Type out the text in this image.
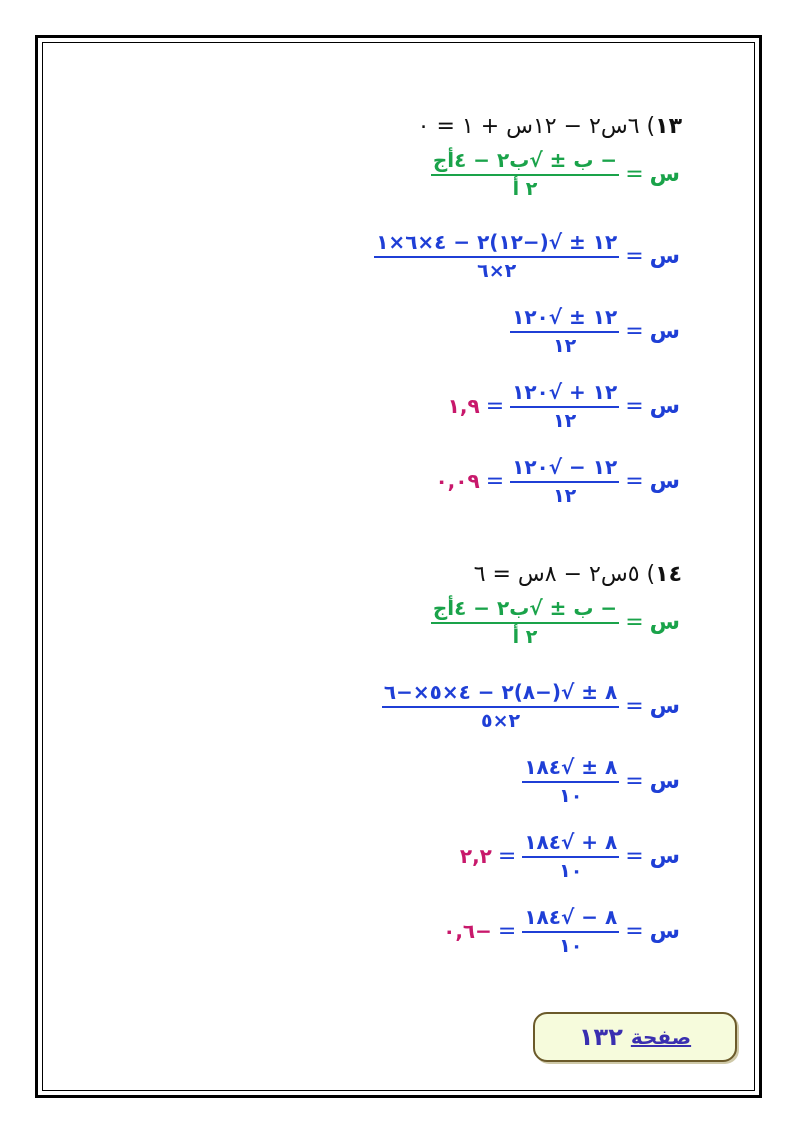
١٣) ٦س٢ − ١٢س + ١ = ٠
س
=
$\frac{\text{− ب ± √ب٢ − ٤أج}}{\text{٢ أ}}$
س
=
$\frac{١٢ \pm √(-١٢)٢ - ٤\times ٦\times ١}{٢\times ٦}$
س
=
$\frac{١٢ \pm √١٢٠}{١٢}$
س
=
$\frac{١٢ + √١٢٠}{١٢}$
=
١,٩
س
=
$\frac{١٢ - √١٢٠}{١٢}$
=
٠,٠٩
١٤) ٥س٢ − ٨س = ٦
س
=
$\frac{\text{− ب ± √ب٢ − ٤أج}}{\text{٢ أ}}$
س
=
$\frac{٨ \pm √(-٨)٢ - ٤\times ٥\times-٦}{٢\times ٥}$
س
=
$\frac{٨ \pm √١٨٤}{١٠}$
س
=
$\frac{٨ + √١٨٤}{١٠}$
=
٢,٢
س
=
$\frac{٨ - √١٨٤}{١٠}$
=
−٠,٦
صفحة
١٣٢
